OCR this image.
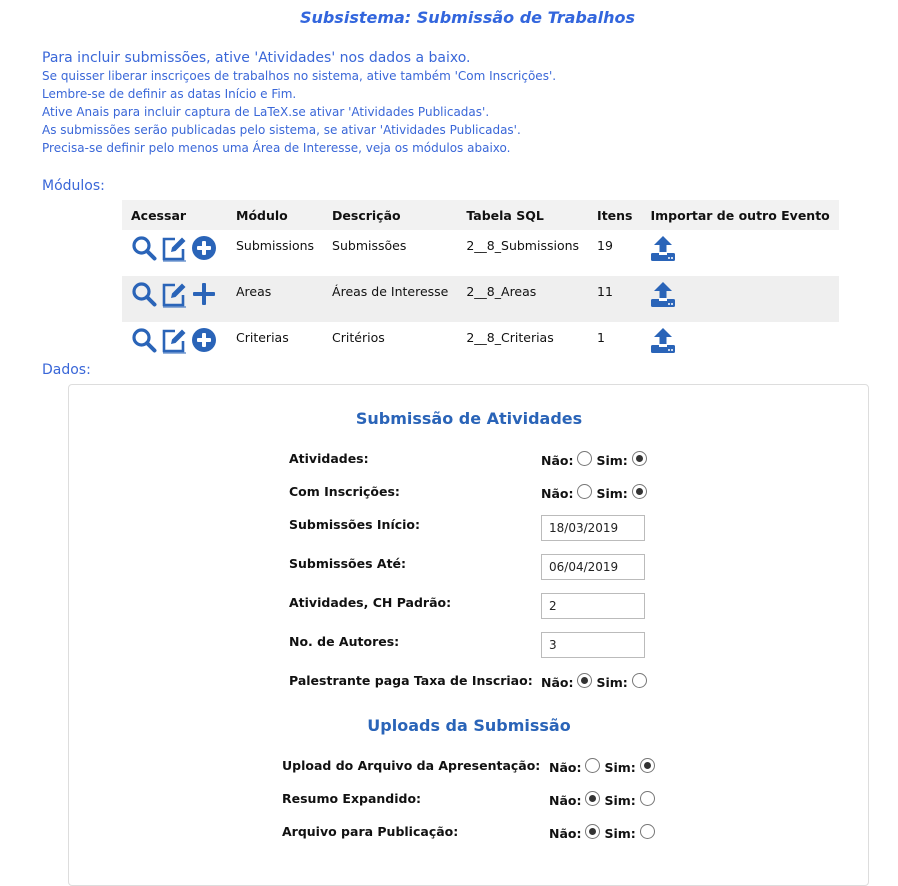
Subsistema: Submissão de Trabalhos
Para incluir submissões, ative 'Atividades' nos dados a baixo.
Se quisser liberar inscriçoes de trabalhos no sistema, ative também 'Com Inscrições'.
Lembre-se de definir as datas Início e Fim.
Ative Anais para incluir captura de LaTeX.se ativar 'Atividades Publicadas'.
As submissões serão publicadas pelo sistema, se ativar 'Atividades Publicadas'.
Precisa-se definir pelo menos uma Área de Interesse, veja os módulos abaixo.
Módulos:
Acessar	Módulo	Descrição	Tabela SQL	Itens	Importar de outro Evento

	Submissions	Submissões	2__8_Submissions	19	

	Areas	Áreas de Interesse	2__8_Areas	11	

	Criterias	Critérios	2__8_Criterias	1	
Dados:
Submissão de Atividades
Atividades:	Não: Sim:
Com Inscrições:	Não: Sim:
Submissões Início:
18/03/2019
Submissões Até:
06/04/2019
Atividades, CH Padrão:
2
No. de Autores:
3
Palestrante paga Taxa de Inscriao: Não: Sim:
Uploads da Submissão
Upload do Arquivo da Apresentação: Não: Sim:
Resumo Expandido:	Não: Sim:
Arquivo para Publicação:	Não: Sim:
